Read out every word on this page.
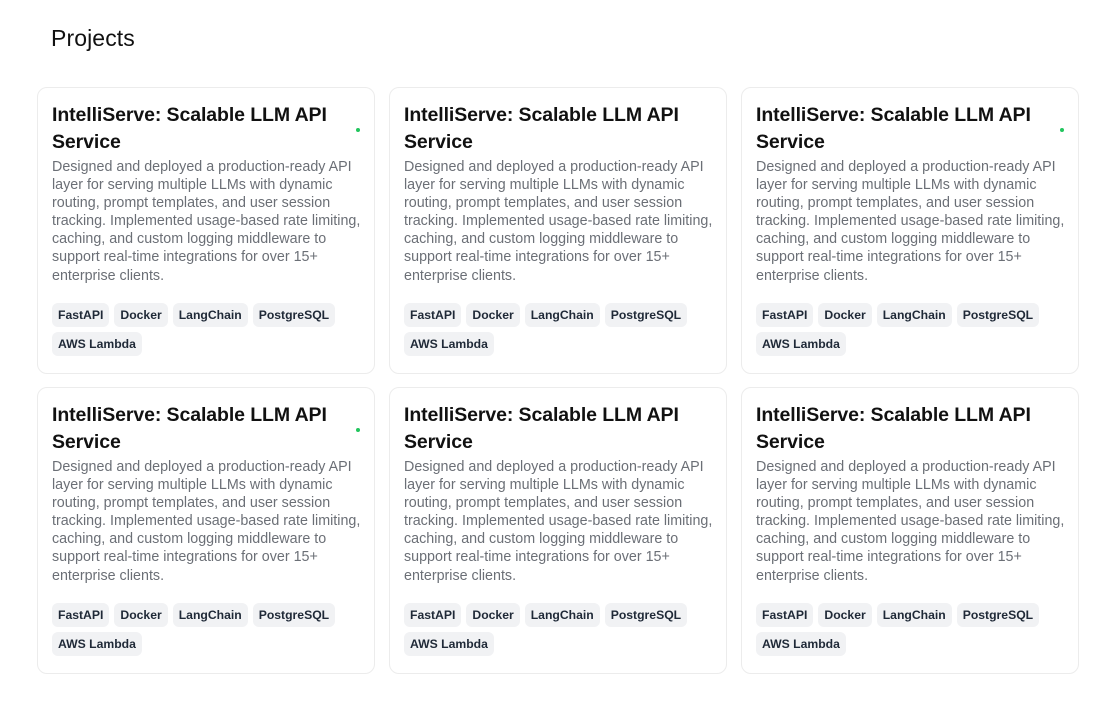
Projects
IntelliServe: Scalable LLM API Service
Designed and deployed a production-ready API layer for serving multiple LLMs with dynamic routing, prompt templates, and user session tracking. Implemented usage-based rate limiting, caching, and custom logging middleware to support real-time integrations for over 15+ enterprise clients.
FastAPI	Docker	LangChain	PostgreSQL
AWS Lambda
IntelliServe: Scalable LLM API Service
Designed and deployed a production-ready API layer for serving multiple LLMs with dynamic routing, prompt templates, and user session tracking. Implemented usage-based rate limiting, caching, and custom logging middleware to support real-time integrations for over 15+ enterprise clients.
FastAPI	Docker	LangChain	PostgreSQL
AWS Lambda
IntelliServe: Scalable LLM API Service
Designed and deployed a production-ready API layer for serving multiple LLMs with dynamic routing, prompt templates, and user session tracking. Implemented usage-based rate limiting, caching, and custom logging middleware to support real-time integrations for over 15+ enterprise clients.
FastAPI	Docker	LangChain	PostgreSQL
AWS Lambda
IntelliServe: Scalable LLM API Service
Designed and deployed a production-ready API layer for serving multiple LLMs with dynamic routing, prompt templates, and user session tracking. Implemented usage-based rate limiting, caching, and custom logging middleware to support real-time integrations for over 15+ enterprise clients.
FastAPI	Docker	LangChain	PostgreSQL
AWS Lambda
IntelliServe: Scalable LLM API Service
Designed and deployed a production-ready API layer for serving multiple LLMs with dynamic routing, prompt templates, and user session tracking. Implemented usage-based rate limiting, caching, and custom logging middleware to support real-time integrations for over 15+ enterprise clients.
FastAPI	Docker	LangChain	PostgreSQL
AWS Lambda
IntelliServe: Scalable LLM API Service
Designed and deployed a production-ready API layer for serving multiple LLMs with dynamic routing, prompt templates, and user session tracking. Implemented usage-based rate limiting, caching, and custom logging middleware to support real-time integrations for over 15+ enterprise clients.
FastAPI	Docker	LangChain	PostgreSQL
AWS Lambda
